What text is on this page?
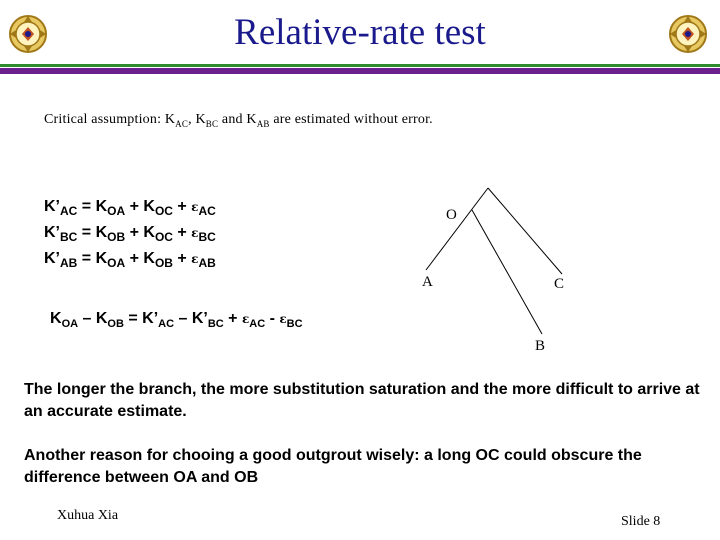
Relative-rate test
Critical assumption: $K_{AC}$, $K_{BC}$ and $K_{AB}$ are estimated without error.
$K’_{AC} = K_{OA} + K_{OC} + \varepsilon_{AC}$
$K’_{BC} = K_{OB} + K_{OC} + \varepsilon_{BC}$
$K’_{AB} = K_{OA} + K_{OB} + \varepsilon_{AB}$
O
A	C
B
$K_{OA} - K_{OB}$ = $K’_{AC}$ – $K’_{BC} + \varepsilon_{AC} - \varepsilon_{BC}$
The longer the branch, the more substitution saturation and the more difficult to arrive at an accurate estimate.
Another reason for chooing a good outgrout wisely: a long OC could obscure the difference between OA and OB
Xuhua Xia	Slide 8
